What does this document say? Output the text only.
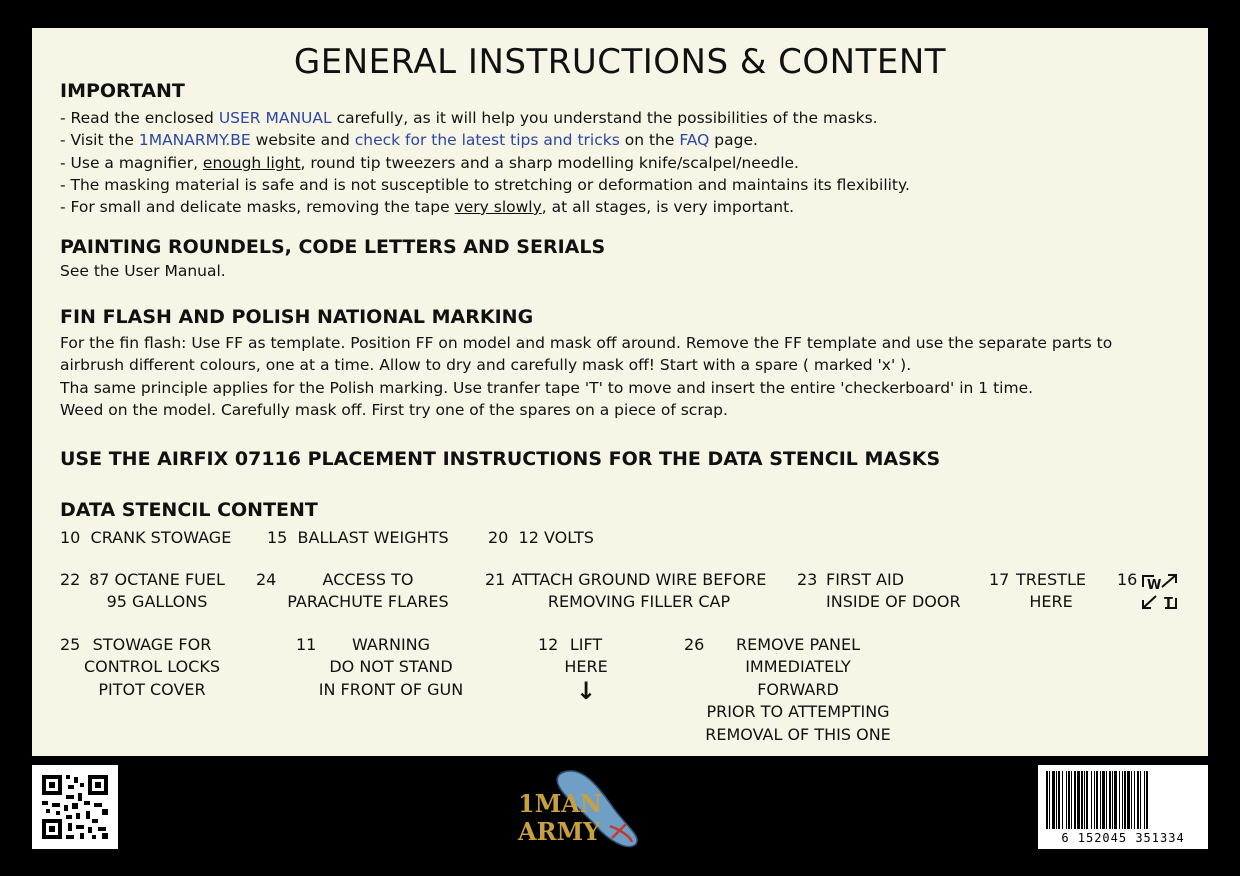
GENERAL INSTRUCTIONS & CONTENT
IMPORTANT
- Read the enclosed USER MANUAL carefully, as it will help you understand the possibilities of the masks.
- Visit the 1MANARMY.BE website and check for the latest tips and tricks on the FAQ page.
- Use a magnifier, enough light, round tip tweezers and a sharp modelling knife/scalpel/needle.
- The masking material is safe and is not susceptible to stretching or deformation and maintains its flexibility.
- For small and delicate masks, removing the tape very slowly, at all stages, is very important.
PAINTING ROUNDELS, CODE LETTERS AND SERIALS
See the User Manual.
FIN FLASH AND POLISH NATIONAL MARKING
For the fin flash: Use FF as template. Position FF on model and mask off around. Remove the FF template and use the separate parts to
airbrush different colours, one at a time. Allow to dry and carefully mask off! Start with a spare ( marked 'x' ).
Tha same principle applies for the Polish marking. Use tranfer tape 'T' to move and insert the entire 'checkerboard' in 1 time.
Weed on the model. Carefully mask off. First try one of the spares on a piece of scrap.
USE THE AIRFIX 07116 PLACEMENT INSTRUCTIONS FOR THE DATA STENCIL MASKS
DATA STENCIL CONTENT
10 CRANK STOWAGE 15 BALLAST WEIGHTS 20 12 VOLTS
22 87 OCTANE FUEL
95 GALLONS
24	ACCESS TO
PARACHUTE FLARES
21 ATTACH GROUND WIRE BEFORE
REMOVING FILLER CAP
23 FIRST AID
INSIDE OF DOOR
17 TRESTLE
HERE
16 W
T
25 STOWAGE FOR
CONTROL LOCKS
PITOT COVER
11	WARNING
DO NOT STAND
IN FRONT OF GUN
12 LIFT
HERE
↓
26	REMOVE PANEL
IMMEDIATELY
FORWARD
PRIOR TO ATTEMPTING
REMOVAL OF THIS ONE
1MAN
ARMY	6 152045 351334
